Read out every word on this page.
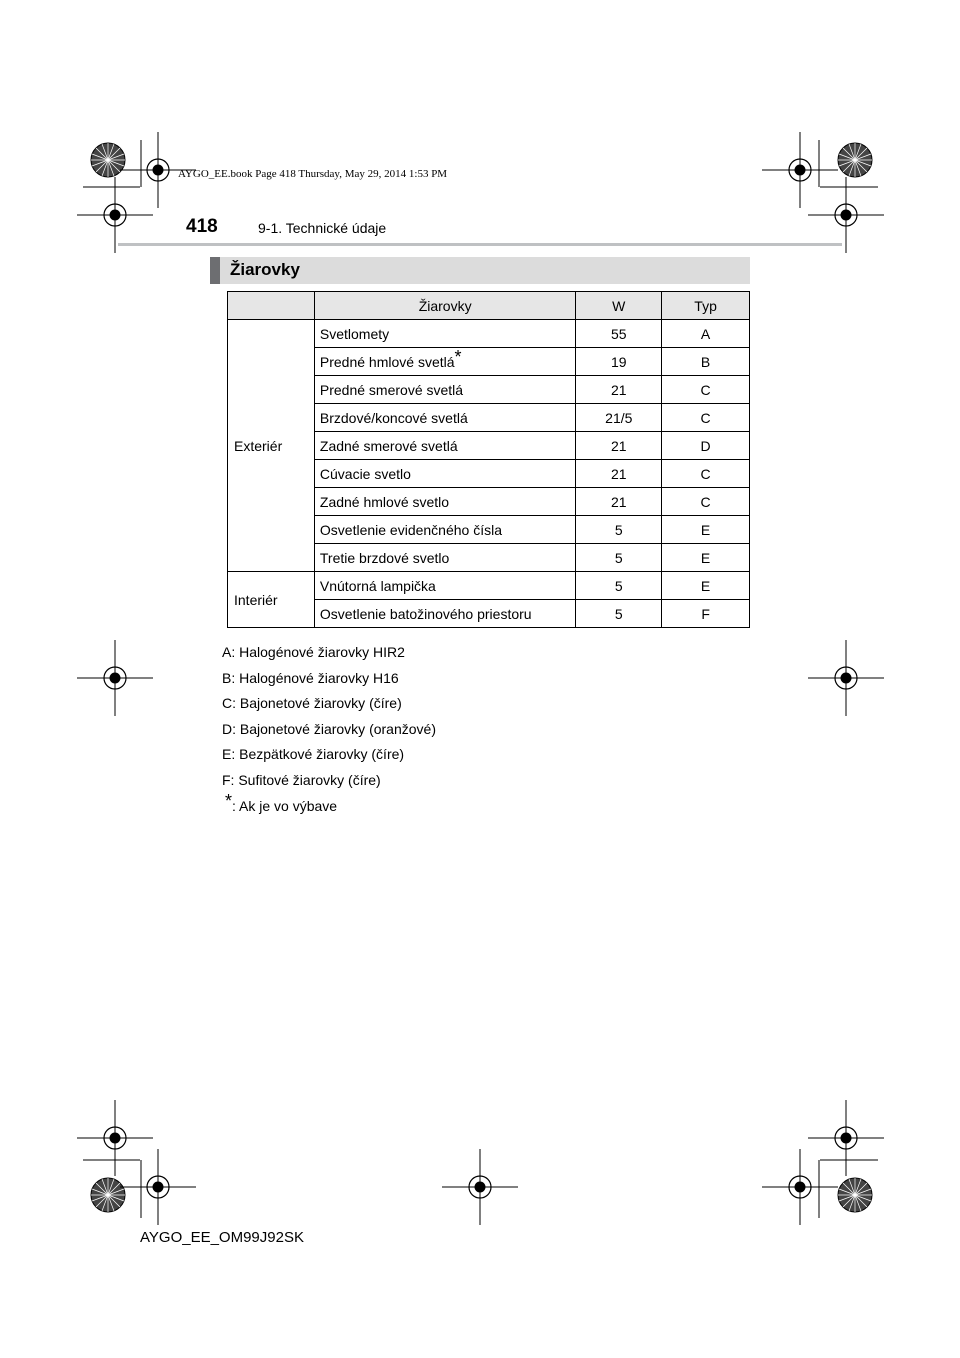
AYGO_EE.book Page 418 Thursday, May 29, 2014 1:53 PM
418	9-1. Technické údaje
Žiarovky
	Žiarovky	W	Typ
Exteriér	Svetlomety	55	A
	Predné hmlové svetlá*	19	B
	Predné smerové svetlá	21	C
	Brzdové/koncové svetlá	21/5	C
	Zadné smerové svetlá	21	D
	Cúvacie svetlo	21	C
	Zadné hmlové svetlo	21	C
	Osvetlenie evidenčného čísla	5	E
	Tretie brzdové svetlo	5	E
Interiér	Vnútorná lampička	5	E
	Osvetlenie batožinového priestoru	5	F
A: Halogénové žiarovky HIR2
B: Halogénové žiarovky H16
C: Bajonetové žiarovky (číre)
D: Bajonetové žiarovky (oranžové)
E: Bezpätkové žiarovky (číre)
F: Sufitové žiarovky (číre)
*: Ak je vo výbave
AYGO_EE_OM99J92SK
